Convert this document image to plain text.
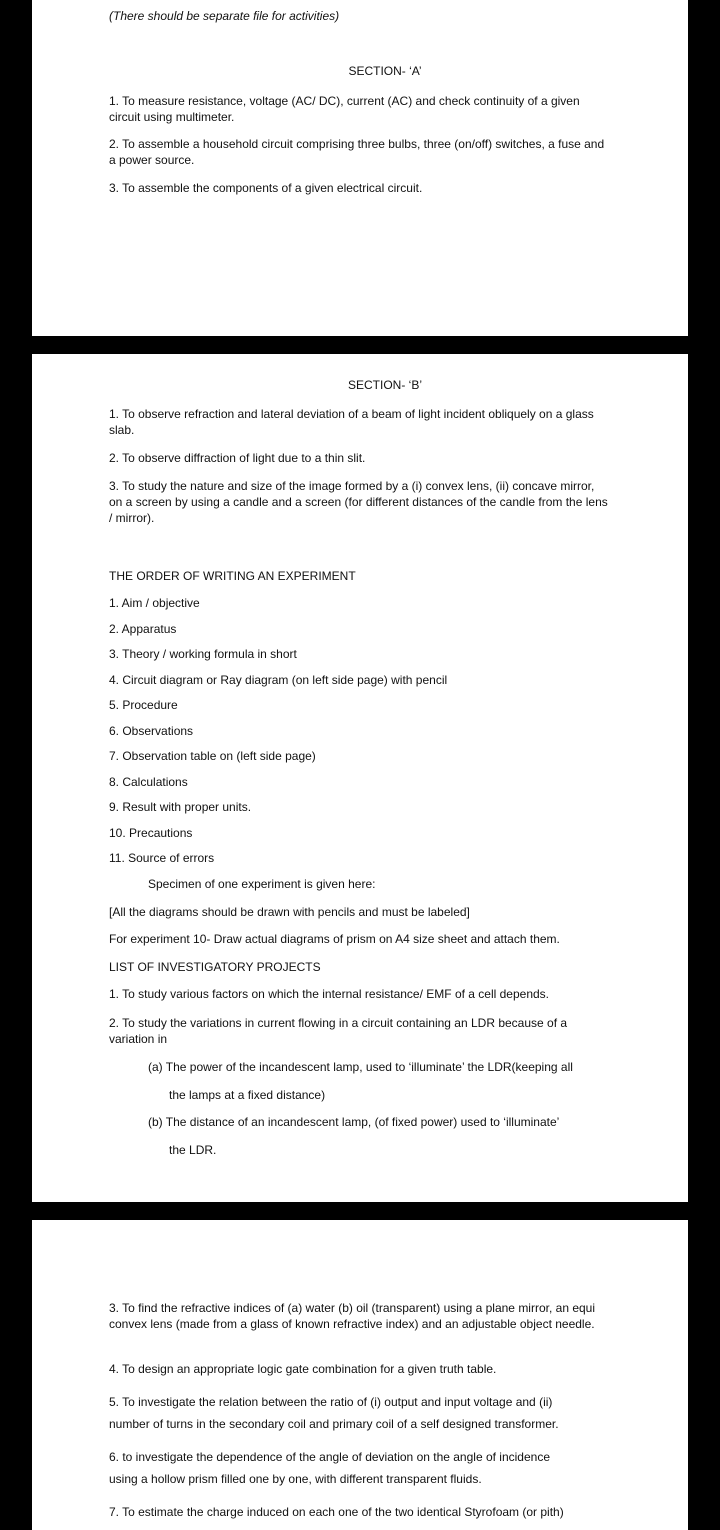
(There should be separate file for activities)
SECTION- ‘A’
1. To measure resistance, voltage (AC/ DC), current (AC) and check continuity of a given circuit using multimeter.
2. To assemble a household circuit comprising three bulbs, three (on/off) switches, a fuse and a power source.
3. To assemble the components of a given electrical circuit.
SECTION- ‘B’
1. To observe refraction and lateral deviation of a beam of light incident obliquely on a glass slab.
2. To observe diffraction of light due to a thin slit.
3. To study the nature and size of the image formed by a (i) convex lens, (ii) concave mirror, on a screen by using a candle and a screen (for different distances of the candle from the lens / mirror).
THE ORDER OF WRITING AN EXPERIMENT
1. Aim / objective
2. Apparatus
3. Theory / working formula in short
4. Circuit diagram or Ray diagram (on left side page) with pencil
5. Procedure
6. Observations
7. Observation table on (left side page)
8. Calculations
9. Result with proper units.
10. Precautions
11. Source of errors
Specimen of one experiment is given here:
[All the diagrams should be drawn with pencils and must be labeled]
For experiment 10- Draw actual diagrams of prism on A4 size sheet and attach them.
LIST OF INVESTIGATORY PROJECTS
1. To study various factors on which the internal resistance/ EMF of a cell depends.
2. To study the variations in current flowing in a circuit containing an LDR because of a variation in
(a) The power of the incandescent lamp, used to ‘illuminate’ the LDR(keeping all
the lamps at a fixed distance)
(b) The distance of an incandescent lamp, (of fixed power) used to ‘illuminate’
the LDR.
3. To find the refractive indices of (a) water (b) oil (transparent) using a plane mirror, an equi convex lens (made from a glass of known refractive index) and an adjustable object needle.
4. To design an appropriate logic gate combination for a given truth table.
5. To investigate the relation between the ratio of (i) output and input voltage and (ii)
number of turns in the secondary coil and primary coil of a self designed transformer.
6. to investigate the dependence of the angle of deviation on the angle of incidence
using a hollow prism filled one by one, with different transparent fluids.
7. To estimate the charge induced on each one of the two identical Styrofoam (or pith)
